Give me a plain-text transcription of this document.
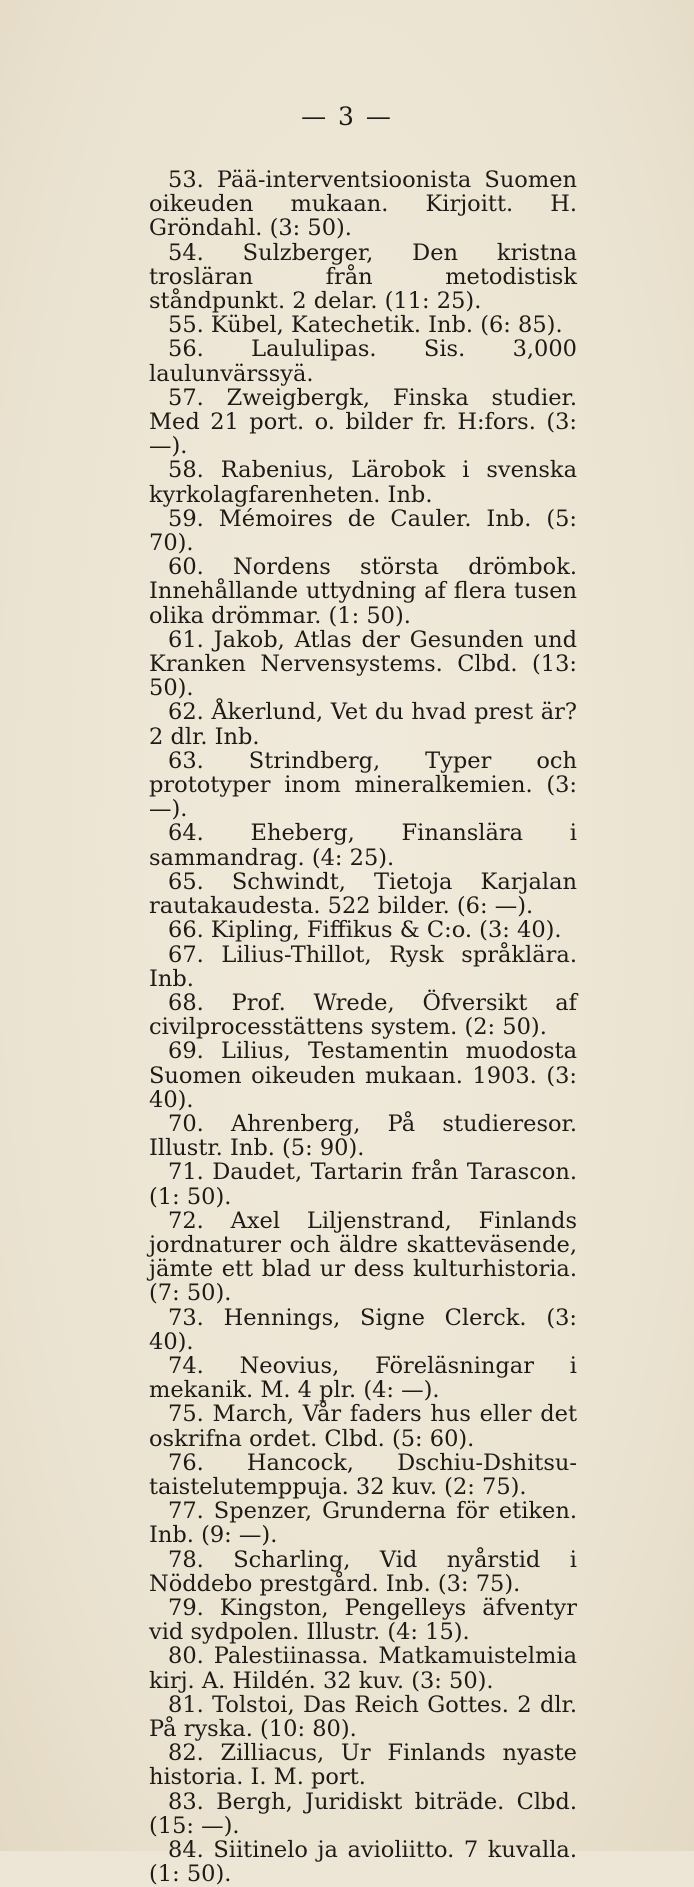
— 3 —

53. Pää-interventsioonista Suomen oikeuden mukaan. Kirjoitt. H. Gröndahl. (3: 50).

54. Sulzberger, Den kristna trosläran från metodistisk ståndpunkt. 2 delar. (11: 25).

55. Kübel, Katechetik. Inb. (6: 85).

56. Laululipas. Sis. 3,000 laulunvärssyä.

57. Zweigbergk, Finska studier. Med 21 port. o. bilder fr. H:fors. (3: —).

58. Rabenius, Lärobok i svenska kyrkolagfarenheten. Inb.

59. Mémoires de Cauler. Inb. (5: 70).

60. Nordens största drömbok. Innehållande uttydning af flera tusen olika drömmar. (1: 50).

61. Jakob, Atlas der Gesunden und Kranken Nervensystems. Clbd. (13: 50).

62. Åkerlund, Vet du hvad prest är? 2 dlr. Inb.

63. Strindberg, Typer och prototyper inom mineralkemien. (3: —).

64. Eheberg, Finanslära i sammandrag. (4: 25).

65. Schwindt, Tietoja Karjalan rautakaudesta. 522 bilder. (6: —).

66. Kipling, Fiffikus & C:o. (3: 40).

67. Lilius-Thillot, Rysk språklära. Inb.

68. Prof. Wrede, Öfversikt af civilprocesstättens system. (2: 50).

69. Lilius, Testamentin muodosta Suomen oikeuden mukaan. 1903. (3: 40).

70. Ahrenberg, På studieresor. Illustr. Inb. (5: 90).

71. Daudet, Tartarin från Tarascon. (1: 50).

72. Axel Liljenstrand, Finlands jordnaturer och äldre skatteväsende, jämte ett blad ur dess kulturhistoria. (7: 50).

73. Hennings, Signe Clerck. (3: 40).

74. Neovius, Föreläsningar i mekanik. M. 4 plr. (4: —).

75. March, Vår faders hus eller det oskrifna ordet. Clbd. (5: 60).

76. Hancock, Dschiu-Dshitsu-taistelutemppuja. 32 kuv. (2: 75).

77. Spenzer, Grunderna för etiken. Inb. (9: —).

78. Scharling, Vid nyårstid i Nöddebo prestgård. Inb. (3: 75).

79. Kingston, Pengelleys äfventyr vid sydpolen. Illustr. (4: 15).

80. Palestiinassa. Matkamuistelmia kirj. A. Hildén. 32 kuv. (3: 50).

81. Tolstoi, Das Reich Gottes. 2 dlr. På ryska. (10: 80).

82. Zilliacus, Ur Finlands nyaste historia. I. M. port.

83. Bergh, Juridiskt biträde. Clbd. (15: —).

84. Siitinelo ja avioliitto. 7 kuvalla. (1: 50).
